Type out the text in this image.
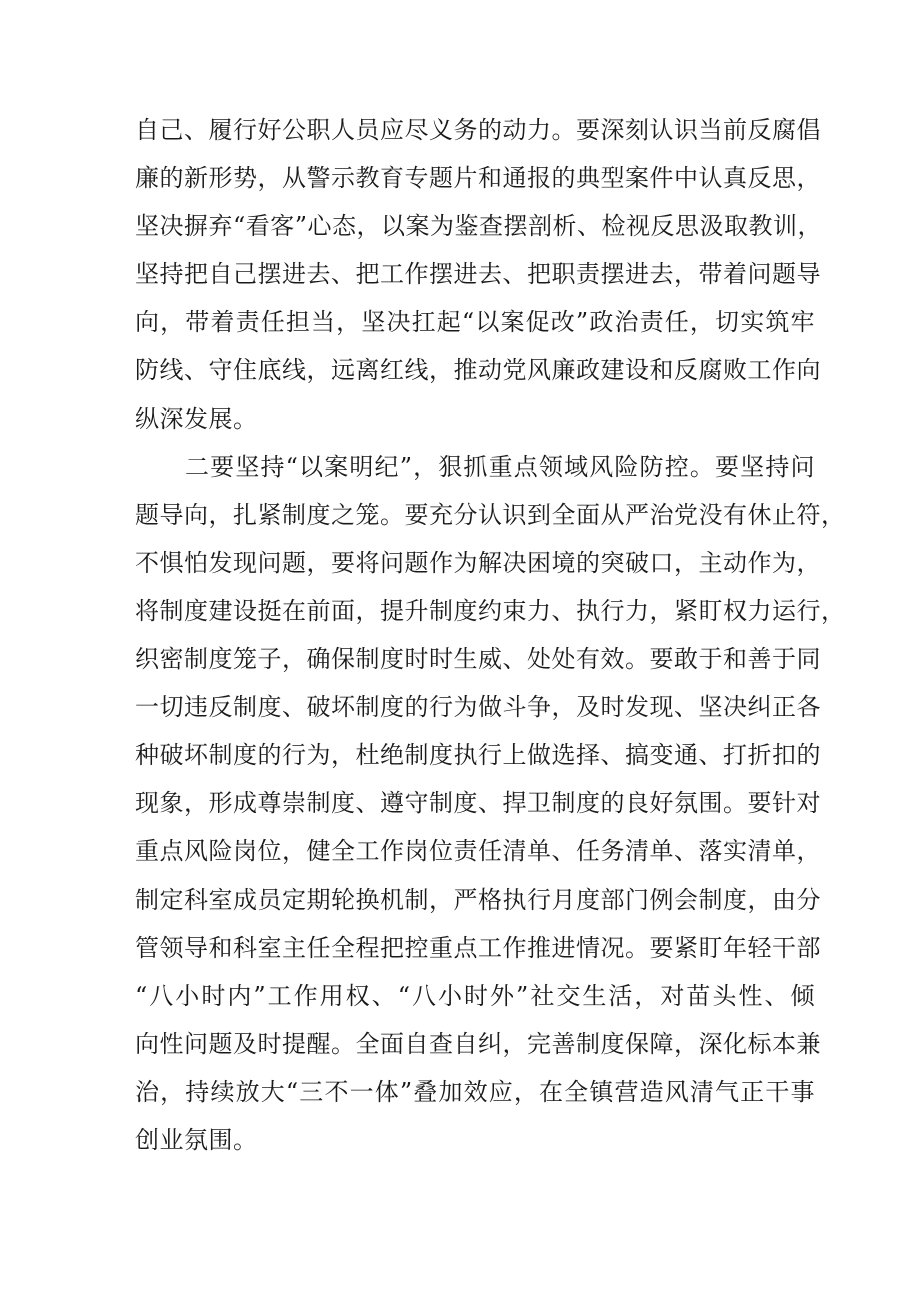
自己、履行好公职人员应尽义务的动力。要深刻认识当前反腐倡
廉的新形势，从警示教育专题片和通报的典型案件中认真反思，
坚决摒弃“看客”心态，以案为鉴查摆剖析、检视反思汲取教训，
坚持把自己摆进去、把工作摆进去、把职责摆进去，带着问题导
向，带着责任担当，坚决扛起“以案促改”政治责任，切实筑牢
防线、守住底线，远离红线，推动党风廉政建设和反腐败工作向
纵深发展。
二要坚持“以案明纪”，狠抓重点领域风险防控。要坚持问
题导向，扎紧制度之笼。要充分认识到全面从严治党没有休止符，
不惧怕发现问题，要将问题作为解决困境的突破口，主动作为，
将制度建设挺在前面，提升制度约束力、执行力，紧盯权力运行，
织密制度笼子，确保制度时时生威、处处有效。要敢于和善于同
一切违反制度、破坏制度的行为做斗争，及时发现、坚决纠正各
种破坏制度的行为，杜绝制度执行上做选择、搞变通、打折扣的
现象，形成尊崇制度、遵守制度、捍卫制度的良好氛围。要针对
重点风险岗位，健全工作岗位责任清单、任务清单、落实清单，
制定科室成员定期轮换机制，严格执行月度部门例会制度，由分
管领导和科室主任全程把控重点工作推进情况。要紧盯年轻干部
“八小时内”工作用权、“八小时外”社交生活，对苗头性、倾
向性问题及时提醒。全面自查自纠，完善制度保障，深化标本兼
治，持续放大“三不一体”叠加效应，在全镇营造风清气正干事
创业氛围。
